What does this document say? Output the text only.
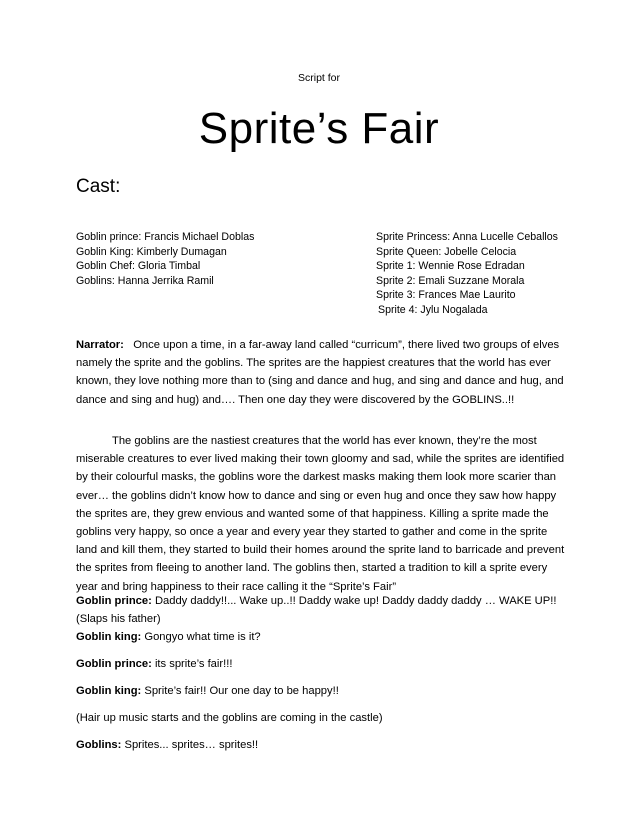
Script for
Sprite’s Fair
Cast:
Goblin prince: Francis Michael Doblas
Goblin King: Kimberly Dumagan
Goblin Chef: Gloria Timbal
Goblins: Hanna Jerrika Ramil
Sprite Princess: Anna Lucelle Ceballos
Sprite Queen: Jobelle Celocia
Sprite 1: Wennie Rose Edradan
Sprite 2: Emali Suzzane Morala
Sprite 3: Frances Mae Laurito
Sprite 4: Jylu Nogalada
Narrator: Once upon a time, in a far-away land called “curricum”, there lived two groups of elves namely the sprite and the goblins. The sprites are the happiest creatures that the world has ever known, they love nothing more than to (sing and dance and hug, and sing and dance and hug, and dance and sing and hug) and…. Then one day they were discovered by the GOBLINS..!!
The goblins are the nastiest creatures that the world has ever known, they’re the most miserable creatures to ever lived making their town gloomy and sad, while the sprites are identified by their colourful masks, the goblins wore the darkest masks making them look more scarier than ever… the goblins didn’t know how to dance and sing or even hug and once they saw how happy the sprites are, they grew envious and wanted some of that happiness. Killing a sprite made the goblins very happy, so once a year and every year they started to gather and come in the sprite land and kill them, they started to build their homes around the sprite land to barricade and prevent the sprites from fleeing to another land. The goblins then, started a tradition to kill a sprite every year and bring happiness to their race calling it the “Sprite’s Fair”
Goblin prince: Daddy daddy!!... Wake up..!! Daddy wake up! Daddy daddy daddy … WAKE UP!! (Slaps his father)
Goblin king: Gongyo what time is it?
Goblin prince: its sprite’s fair!!!
Goblin king: Sprite’s fair!! Our one day to be happy!!
(Hair up music starts and the goblins are coming in the castle)
Goblins: Sprites... sprites… sprites!!
